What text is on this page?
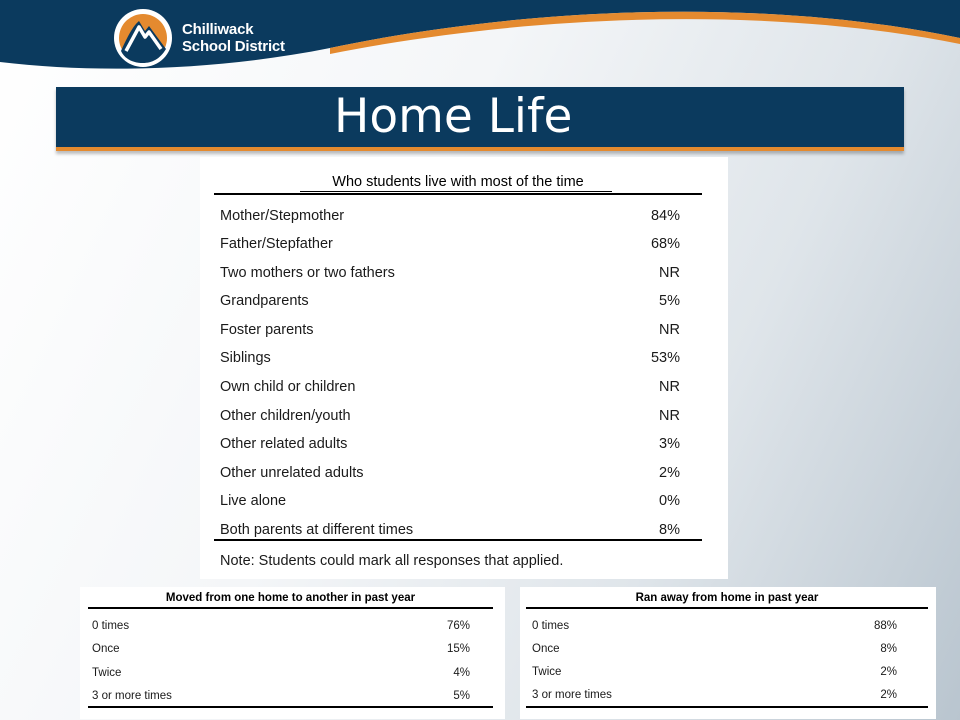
Chilliwack
School District
Home Life
Who students live with most of the time
Mother/Stepmother	84%
Father/Stepfather	68%
Two mothers or two fathers	NR
Grandparents	5%
Foster parents	NR
Siblings	53%
Own child or children	NR
Other children/youth	NR
Other related adults	3%
Other unrelated adults	2%
Live alone	0%
Both parents at different times	8%
Note: Students could mark all responses that applied.
Moved from one home to another in past year
0 times	76%
Once	15%
Twice	4%
3 or more times	5%
Ran away from home in past year
0 times	88%
Once	8%
Twice	2%
3 or more times	2%
